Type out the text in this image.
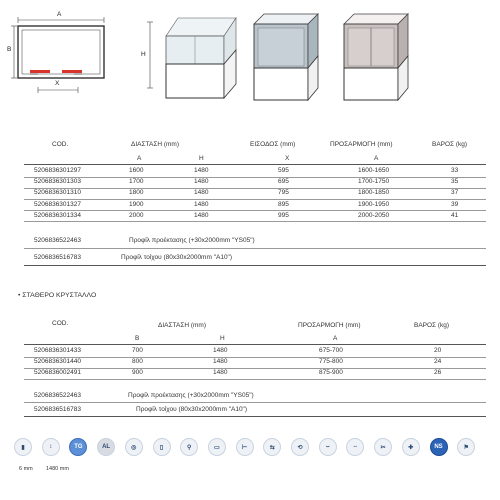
A
B
X
H
COD.	ΔΙΑΣΤΑΣΗ (mm)	ΕΙΣΟΔΟΣ (mm)	ΠΡΟΣΑΡΜΟΓΗ (mm)	ΒΑΡΟΣ (kg)
A	H	X	A
5206836301297	1600	1480	595	1600-1650	33
5206836301303	1700	1480	695	1700-1750	35
5206836301310	1800	1480	795	1800-1850	37
5206836301327	1900	1480	895	1900-1950	39
5206836301334	2000	1480	995	2000-2050	41
5206836522463	Προφίλ προέκτασης (+30x2000mm "YS05")
5206836516783	Προφίλ τοίχου (80x30x2000mm "A10")
• ΣΤΑΘΕΡΟ ΚΡΥΣΤΑΛΛΟ
COD.	ΔΙΑΣΤΑΣΗ (mm)	ΠΡΟΣΑΡΜΟΓΗ (mm)	ΒΑΡΟΣ (kg)
B	H	A
5206836301433	700	1480	675-700	20
5206836301440	800	1480	775-800	24
5206836002491	900	1480	875-900	26
5206836522463	Προφίλ προέκτασης (+30x2000mm "YS05")
5206836516783	Προφίλ τοίχου (80x30x2000mm "A10")
▮	↕	TG	AL	◎	▯	⚲	▭	⊢	⇆	⟲	⌣	⇔	✂	✚	NS	⚑
6 mm 1480 mm
